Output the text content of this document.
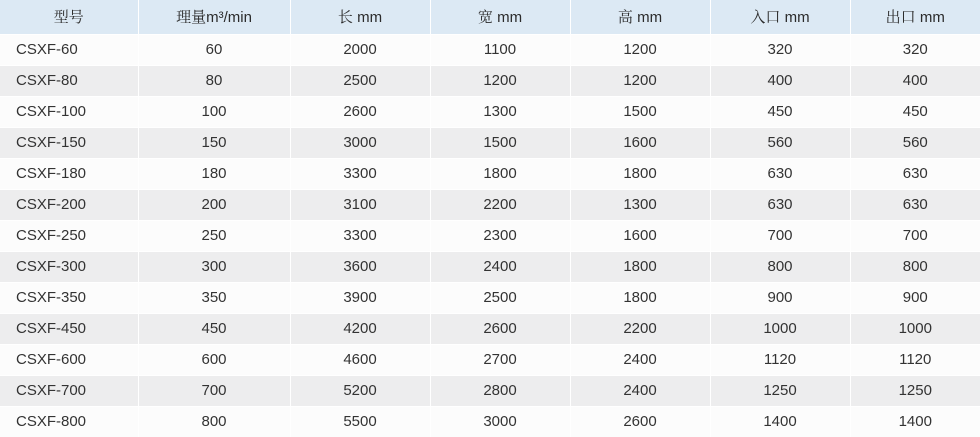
型号	理量m³/min	长 mm	宽 mm	高 mm	入口 mm	出口 mm
CSXF-60	60	2000	1100	1200	320	320
CSXF-80	80	2500	1200	1200	400	400
CSXF-100	100	2600	1300	1500	450	450
CSXF-150	150	3000	1500	1600	560	560
CSXF-180	180	3300	1800	1800	630	630
CSXF-200	200	3100	2200	1300	630	630
CSXF-250	250	3300	2300	1600	700	700
CSXF-300	300	3600	2400	1800	800	800
CSXF-350	350	3900	2500	1800	900	900
CSXF-450	450	4200	2600	2200	1000	1000
CSXF-600	600	4600	2700	2400	1120	1120
CSXF-700	700	5200	2800	2400	1250	1250
CSXF-800	800	5500	3000	2600	1400	1400
